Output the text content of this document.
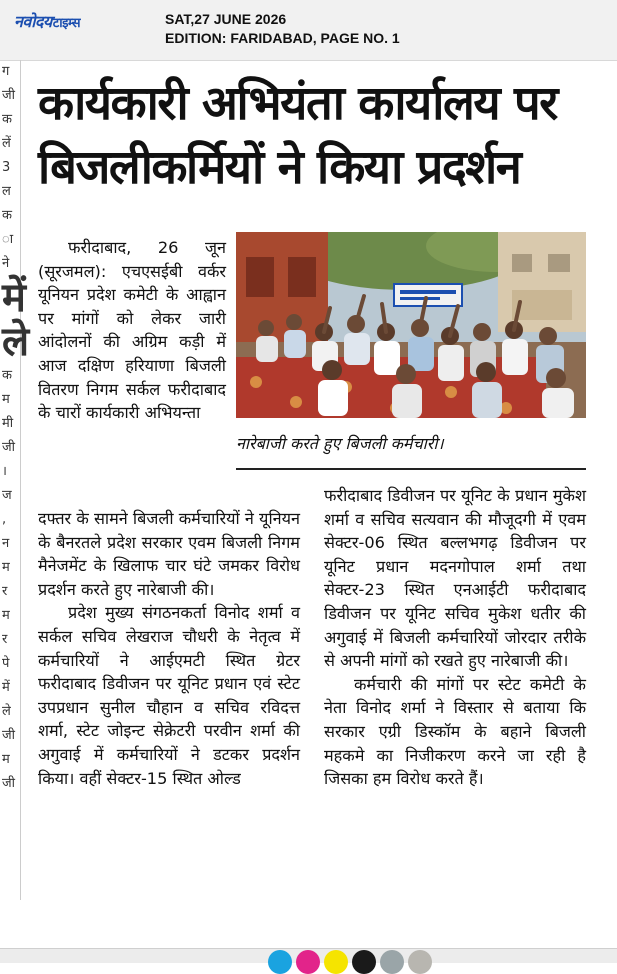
नवोदयटाइम्स	SAT,27 JUNE 2026
EDITION: FARIDABAD, PAGE NO. 1
ग
जी
क
लें
3
ल
क
ा
ने
में
ले
क
म
मी
जी
।
ज
,
न
म
र
म
र
पे
में
ले
जी
म
जी
कार्यकारी अभियंता कार्यालय पर
बिजलीकर्मियों ने किया प्रदर्शन
नारेबाजी करते हुए बिजली कर्मचारी।

फरीदाबाद, 26 जून (सूरजमल): एचएसईबी वर्कर यूनियन प्रदेश कमेटी के आह्वान पर मांगों को लेकर जारी आंदोलनों की अग्रिम कड़ी में आज दक्षिण हरियाणा बिजली वितरण निगम सर्कल फरीदाबाद के चारों कार्यकारी अभियन्ता

दफ्तर के सामने बिजली कर्मचारियों ने यूनियन के बैनरतले प्रदेश सरकार एवम बिजली निगम मैनेजमेंट के खिलाफ चार घंटे जमकर विरोध प्रदर्शन करते हुए नारेबाजी की।

प्रदेश मुख्य संगठनकर्ता विनोद शर्मा व सर्कल सचिव लेखराज चौधरी के नेतृत्व में कर्मचारियों ने आईएमटी स्थित ग्रेटर फरीदाबाद डिवीजन पर यूनिट प्रधान एवं स्टेट उपप्रधान सुनील चौहान व सचिव रविदत्त शर्मा, स्टेट जोइन्ट सेक्रेटरी परवीन शर्मा की अगुवाई में कर्मचारियों ने डटकर प्रदर्शन किया। वहीं सेक्टर-15 स्थित ओल्ड

फरीदाबाद डिवीजन पर यूनिट के प्रधान मुकेश शर्मा व सचिव सत्यवान की मौजूदगी में एवम सेक्टर-06 स्थित बल्लभगढ़ डिवीजन पर यूनिट प्रधान मदनगोपाल शर्मा तथा सेक्टर-23 स्थित एनआईटी फरीदाबाद डिवीजन पर यूनिट सचिव मुकेश धतीर की अगुवाई में बिजली कर्मचारियों जोरदार तरीके से अपनी मांगों को रखते हुए नारेबाजी की।

कर्मचारी की मांगों पर स्टेट कमेटी के नेता विनोद शर्मा ने विस्तार से बताया कि सरकार एग्री डिस्कॉम के बहाने बिजली महकमे का निजीकरण करने जा रही है जिसका हम विरोध करते हैं।
